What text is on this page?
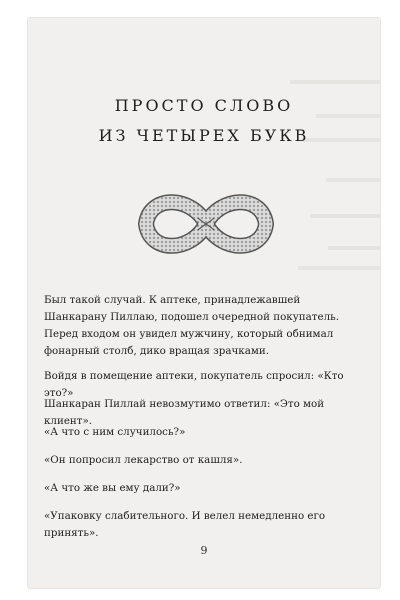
ПРОСТО СЛОВО
ИЗ ЧЕТЫРЕХ БУКВ

Был такой случай. К аптеке, принадлежавшей Шанкарану Пиллаю, подошел очередной покупатель. Перед входом он увидел мужчину, который обнимал фонарный столб, дико вращая зрачками.

Войдя в помещение аптеки, покупатель спросил: «Кто это?»

Шанкаран Пиллай невозмутимо ответил: «Это мой клиент».

«А что с ним случилось?»

«Он попросил лекарство от кашля».

«А что же вы ему дали?»

«Упаковку слабительного. И велел немедленно его принять».

9
